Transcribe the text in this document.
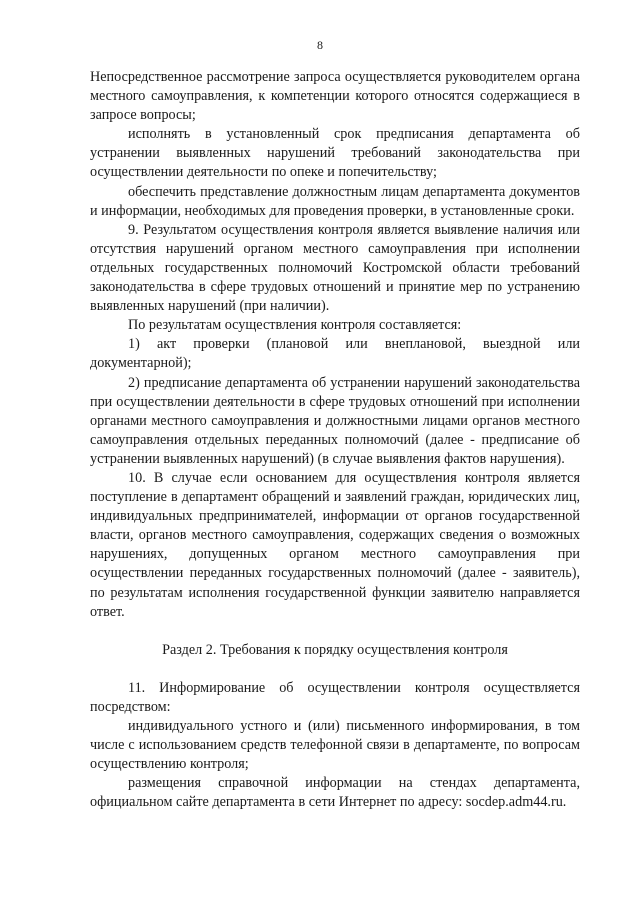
8

Непосредственное рассмотрение запроса осуществляется руководителем органа местного самоуправления, к компетенции которого относятся содержащиеся в запросе вопросы;

исполнять в установленный срок предписания департамента об устранении выявленных нарушений требований законодательства при осуществлении деятельности по опеке и попечительству;

обеспечить представление должностным лицам департамента документов и информации, необходимых для проведения проверки, в установленные сроки.

9. Результатом осуществления контроля является выявление наличия или отсутствия нарушений органом местного самоуправления при исполнении отдельных государственных полномочий Костромской области требований законодательства в сфере трудовых отношений и принятие мер по устранению выявленных нарушений (при наличии).

По результатам осуществления контроля составляется:

1) акт проверки (плановой или внеплановой, выездной или документарной);

2) предписание департамента об устранении нарушений законодательства при осуществлении деятельности в сфере трудовых отношений при исполнении органами местного самоуправления и должностными лицами органов местного самоуправления отдельных переданных полномочий (далее - предписание об устранении выявленных нарушений) (в случае выявления фактов нарушения).

10. В случае если основанием для осуществления контроля является поступление в департамент обращений и заявлений граждан, юридических лиц, индивидуальных предпринимателей, информации от органов государственной власти, органов местного самоуправления, содержащих сведения о возможных нарушениях, допущенных органом местного самоуправления при осуществлении переданных государственных полномочий (далее - заявитель), по результатам исполнения государственной функции заявителю направляется ответ.

Раздел 2. Требования к порядку осуществления контроля

11. Информирование об осуществлении контроля осуществляется посредством:

индивидуального устного и (или) письменного информирования, в том числе с использованием средств телефонной связи в департаменте, по вопросам осуществлению контроля;

размещения справочной информации на стендах департамента, официальном сайте департамента в сети Интернет по адресу: socdep.adm44.ru.
